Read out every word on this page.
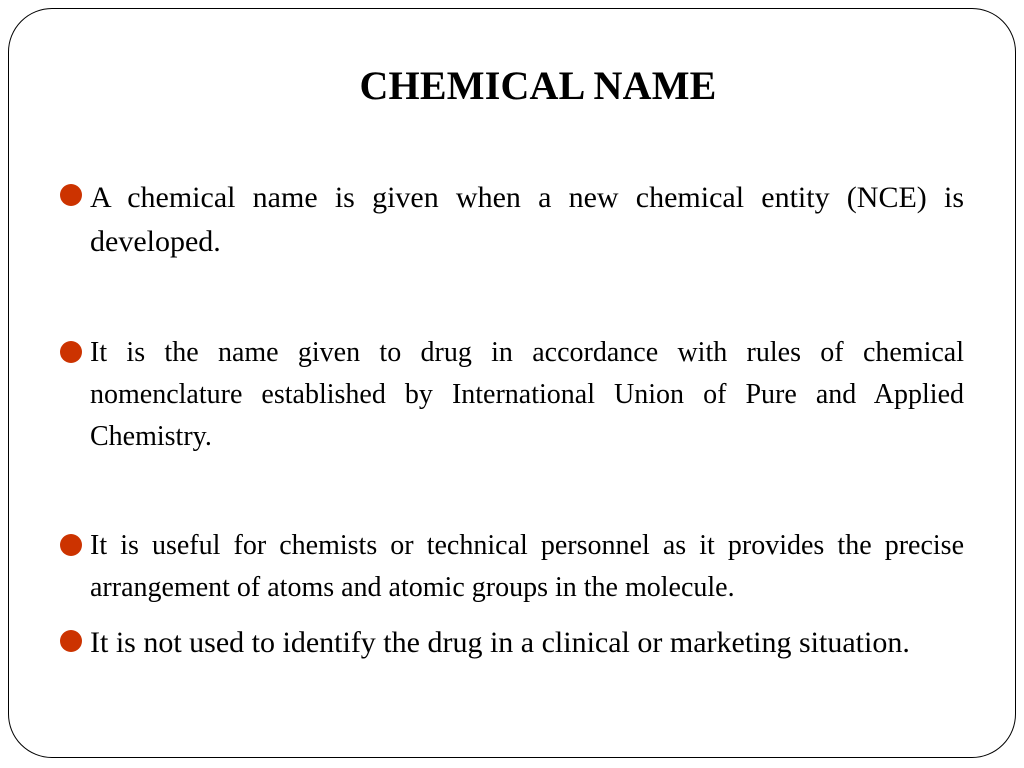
CHEMICAL NAME
A chemical name is given when a new chemical entity (NCE) is developed.
It is the name given to drug in accordance with rules of chemical nomenclature established by International Union of Pure and Applied Chemistry.
It is useful for chemists or technical personnel as it provides the precise arrangement of atoms and atomic groups in the molecule.
It is not used to identify the drug in a clinical or marketing situation.
